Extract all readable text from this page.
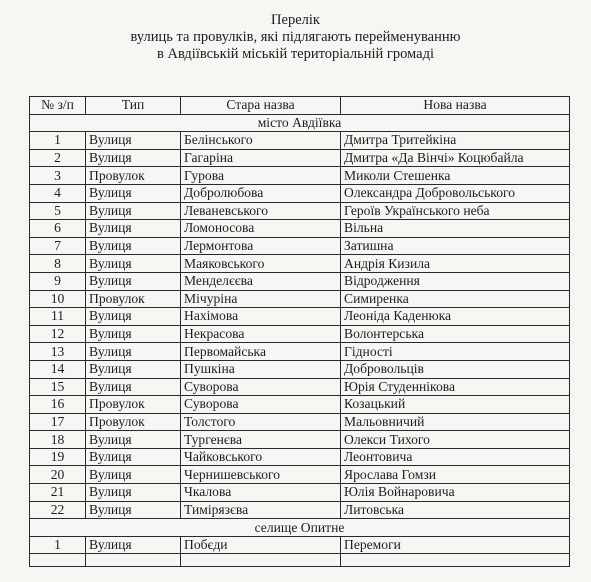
Перелік
вулиць та провулків, які підлягають перейменуванню
в Авдіївській міській територіальній громаді
№ з/п	Тип	Стара назва	Нова назва
місто Авдіївка			
1	Вулиця	Белінського	Дмитра Тритейкіна
2	Вулиця	Гагаріна	Дмитра «Да Вінчі» Коцюбайла
3	Провулок	Гурова	Миколи Стешенка
4	Вулиця	Добролюбова	Олександра Добровольського
5	Вулиця	Леваневського	Героїв Українського неба
6	Вулиця	Ломоносова	Вільна
7	Вулиця	Лермонтова	Затишна
8	Вулиця	Маяковського	Андрія Кизила
9	Вулиця	Менделєєва	Відродження
10	Провулок	Мічуріна	Симиренка
11	Вулиця	Нахімова	Леоніда Каденюка
12	Вулиця	Некрасова	Волонтерська
13	Вулиця	Первомайська	Гідності
14	Вулиця	Пушкіна	Добровольців
15	Вулиця	Суворова	Юрія Студеннікова
16	Провулок	Суворова	Козацький
17	Провулок	Толстого	Мальовничий
18	Вулиця	Тургенєва	Олекси Тихого
19	Вулиця	Чайковського	Леонтовича
20	Вулиця	Чернишевського	Ярослава Гомзи
21	Вулиця	Чкалова	Юлія Войнаровича
22	Вулиця	Тимірязєва	Литовська
селище Опитне			
1	Вулиця	Побєди	Перемоги
